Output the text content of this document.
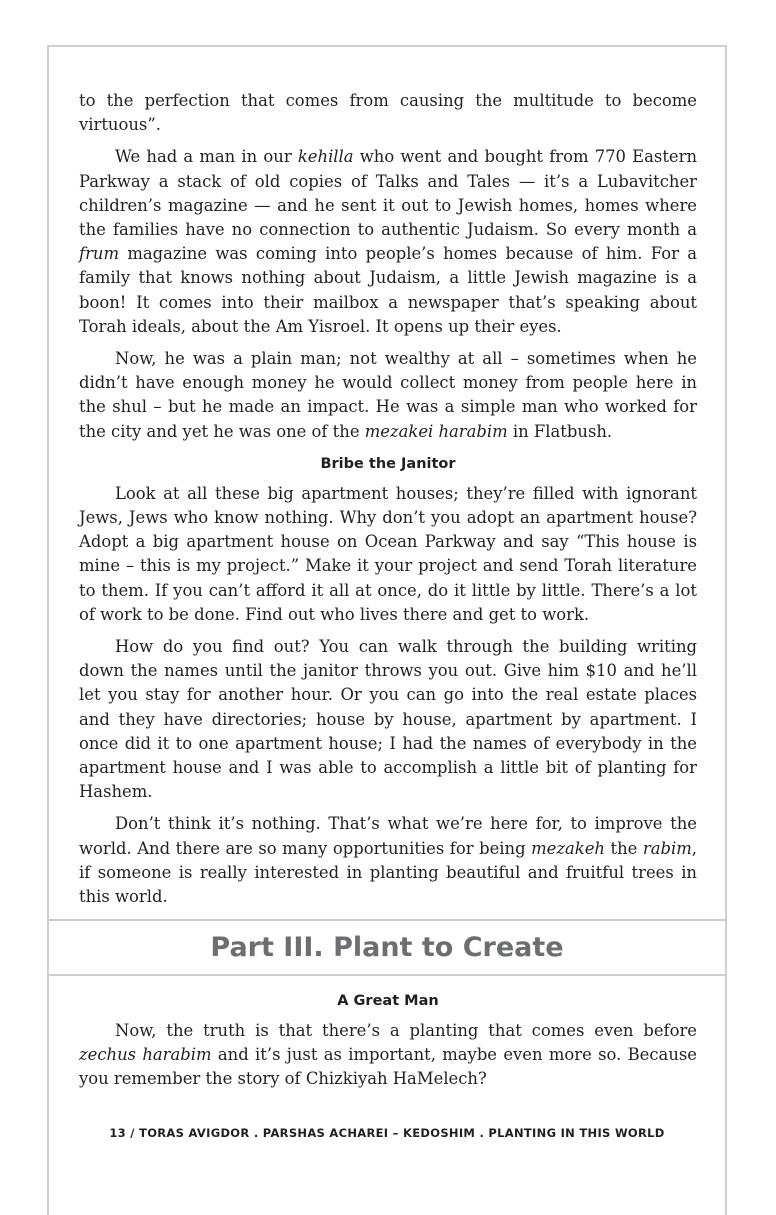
to the perfection that comes from causing the multitude to become virtuous”.

We had a man in our kehilla who went and bought from 770 Eastern Parkway a stack of old copies of Talks and Tales — it’s a Lubavitcher children’s magazine — and he sent it out to Jewish homes, homes where the families have no connection to authentic Judaism. So every month a frum magazine was coming into people’s homes because of him. For a family that knows nothing about Judaism, a little Jewish magazine is a boon! It comes into their mailbox a newspaper that’s speaking about Torah ideals, about the Am Yisroel. It opens up their eyes.

Now, he was a plain man; not wealthy at all – sometimes when he didn’t have enough money he would collect money from people here in the shul – but he made an impact. He was a simple man who worked for the city and yet he was one of the mezakei harabim in Flatbush.

Bribe the Janitor

Look at all these big apartment houses; they’re filled with ignorant Jews, Jews who know nothing. Why don’t you adopt an apartment house? Adopt a big apartment house on Ocean Parkway and say “This house is mine – this is my project.” Make it your project and send Torah literature to them. If you can’t afford it all at once, do it little by little. There’s a lot of work to be done. Find out who lives there and get to work.

How do you find out? You can walk through the building writing down the names until the janitor throws you out. Give him $10 and he’ll let you stay for another hour. Or you can go into the real estate places and they have directories; house by house, apartment by apartment. I once did it to one apartment house; I had the names of everybody in the apartment house and I was able to accomplish a little bit of planting for Hashem.

Don’t think it’s nothing. That’s what we’re here for, to improve the world. And there are so many opportunities for being mezakeh the rabim, if someone is really interested in planting beautiful and fruitful trees in this world.

Part III. Plant to Create
A Great Man

Now, the truth is that there’s a planting that comes even before zechus harabim and it’s just as important, maybe even more so. Because you remember the story of Chizkiyah HaMelech?

13 / TORAS AVIGDOR . PARSHAS ACHAREI – KEDOSHIM . PLANTING IN THIS WORLD
